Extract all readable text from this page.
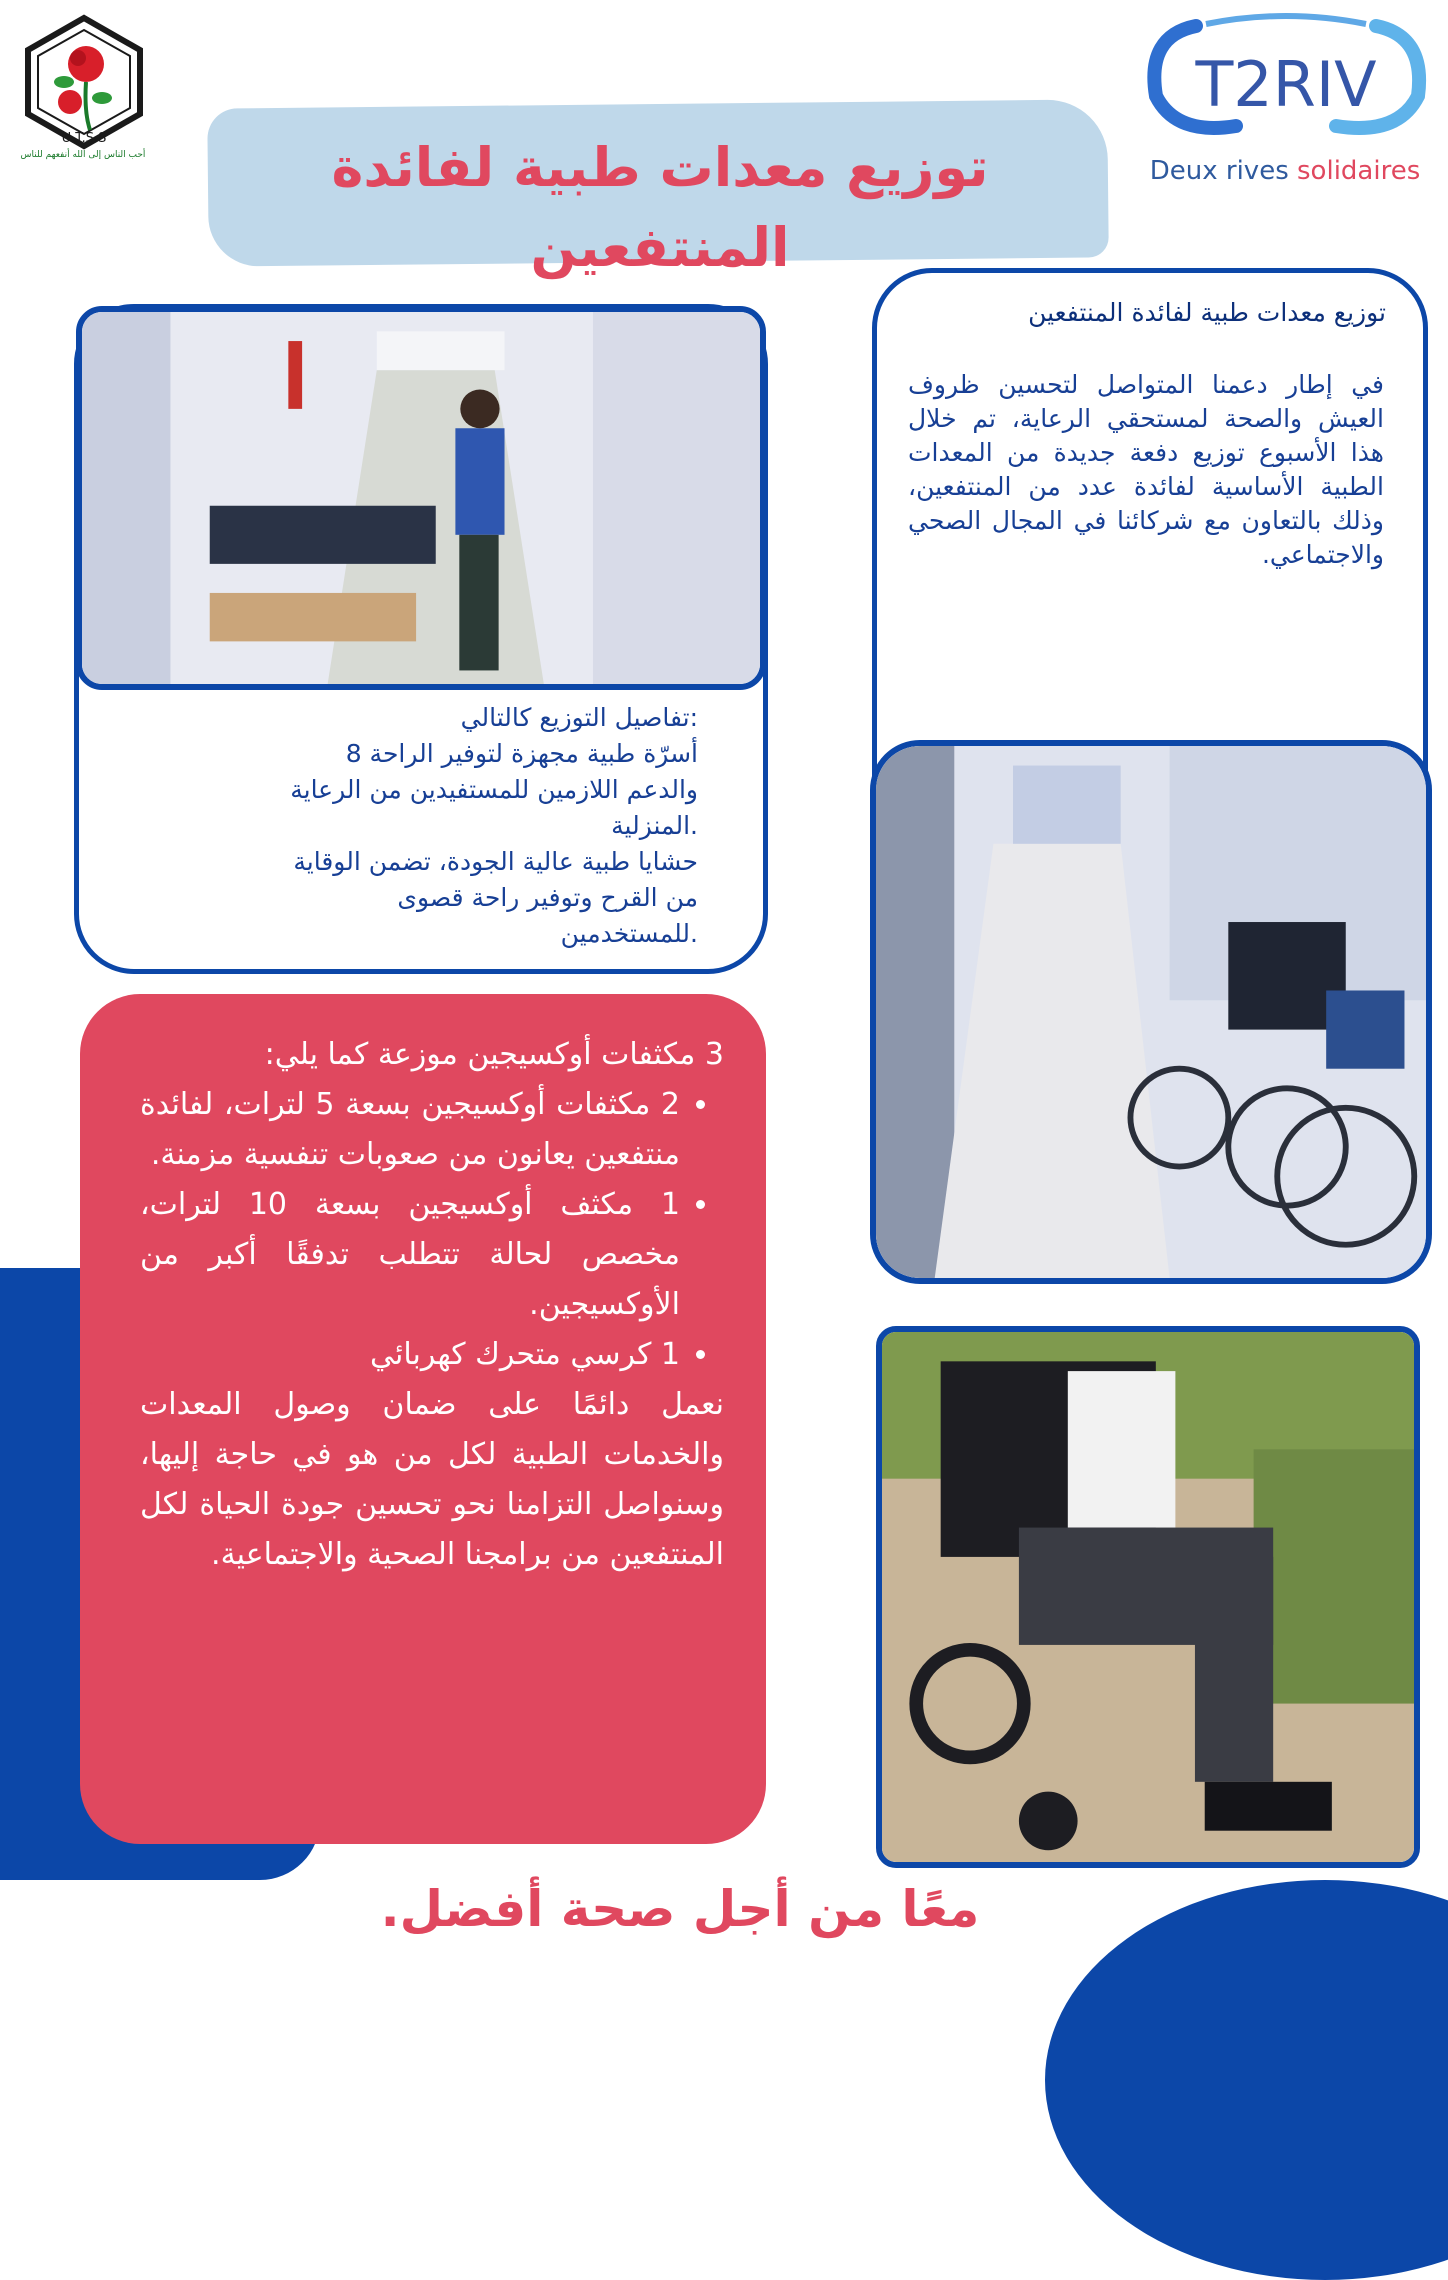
U.T.S.S
أحب الناس إلى الله أنفعهم للناس
T2RIV
Deux rives solidaires
توزيع معدات طبية لفائدة المنتفعين
توزيع معدات طبية لفائدة المنتفعين
في إطار دعمنا المتواصل لتحسين ظروف العيش والصحة لمستحقي الرعاية، تم خلال هذا الأسبوع توزيع دفعة جديدة من المعدات الطبية الأساسية لفائدة عدد من المنتفعين، وذلك بالتعاون مع شركائنا في المجال الصحي والاجتماعي.
:تفاصيل التوزيع كالتالي
أسرّة طبية مجهزة لتوفير الراحة 8
والدعم اللازمين للمستفيدين من الرعاية
.المنزلية
حشايا طبية عالية الجودة، تضمن الوقاية
من القرح وتوفير راحة قصوى
.للمستخدمين
3 مكثفات أوكسيجين موزعة كما يلي:
• 2 مكثفات أوكسيجين بسعة 5 لترات، لفائدة منتفعين يعانون من صعوبات تنفسية مزمنة.
• 1 مكثف أوكسيجين بسعة 10 لترات، مخصص لحالة تتطلب تدفقًا أكبر من الأوكسيجين.
• 1 كرسي متحرك كهربائي
نعمل دائمًا على ضمان وصول المعدات والخدمات الطبية لكل من هو في حاجة إليها، وسنواصل التزامنا نحو تحسين جودة الحياة لكل المنتفعين من برامجنا الصحية والاجتماعية.
معًا من أجل صحة أفضل.
